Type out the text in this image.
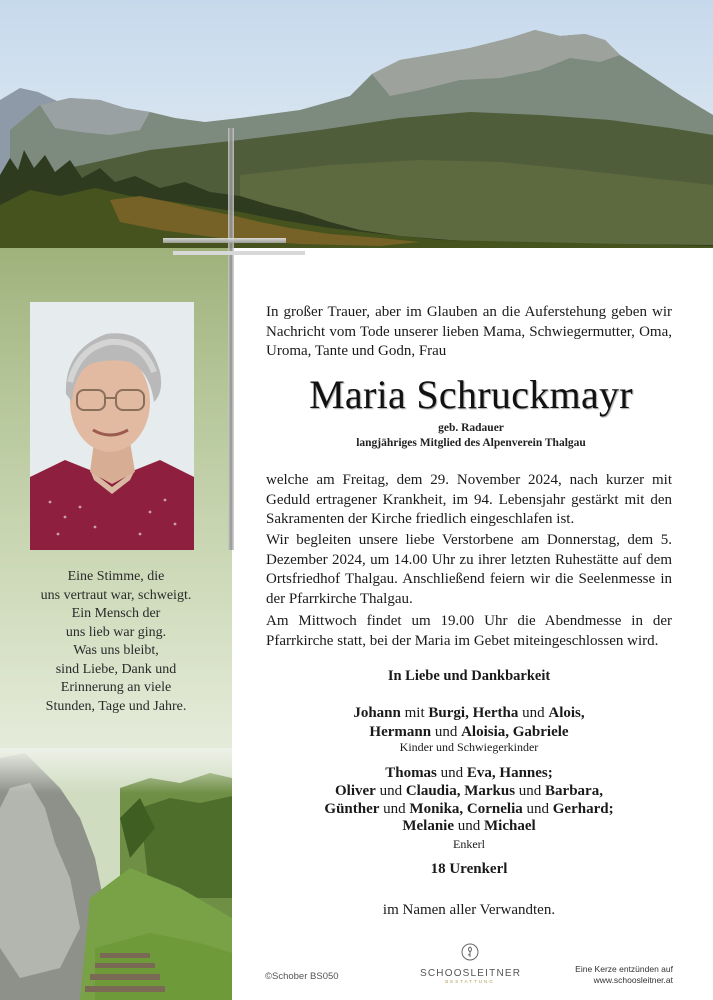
Eine Stimme, die
uns vertraut war, schweigt.
Ein Mensch der
uns lieb war ging.
Was uns bleibt,
sind Liebe, Dank und
Erinnerung an viele
Stunden, Tage und Jahre.
In großer Trauer, aber im Glauben an die Auferstehung geben wir Nachricht vom Tode unserer lieben Mama, Schwiegermutter, Oma, Uroma, Tante und Godn, Frau
Maria Schruckmayr
geb. Radauer
langjähriges Mitglied des Alpenverein Thalgau
welche am Freitag, dem 29. November 2024, nach kurzer mit Geduld ertragener Krankheit, im 94. Lebensjahr gestärkt mit den Sakramenten der Kirche friedlich eingeschlafen ist.
Wir begleiten unsere liebe Verstorbene am Donnerstag, dem 5. Dezember 2024, um 14.00 Uhr zu ihrer letzten Ruhestätte auf dem Ortsfriedhof Thalgau. Anschließend feiern wir die Seelenmesse in der Pfarrkirche Thalgau.
Am Mittwoch findet um 19.00 Uhr die Abendmesse in der Pfarrkirche statt, bei der Maria im Gebet miteingeschlossen wird.
In Liebe und Dankbarkeit
Johann mit Burgi, Hertha und Alois,
Hermann und Aloisia, Gabriele
Kinder und Schwiegerkinder
Thomas und Eva, Hannes;
Oliver und Claudia, Markus und Barbara,
Günther und Monika, Cornelia und Gerhard;
Melanie und Michael
Enkerl
18 Urenkerl
im Namen aller Verwandten.
©Schober BS050	SCHOOSLEITNER
BESTATTUNG
Eine Kerze entzünden auf
www.schoosleitner.at
